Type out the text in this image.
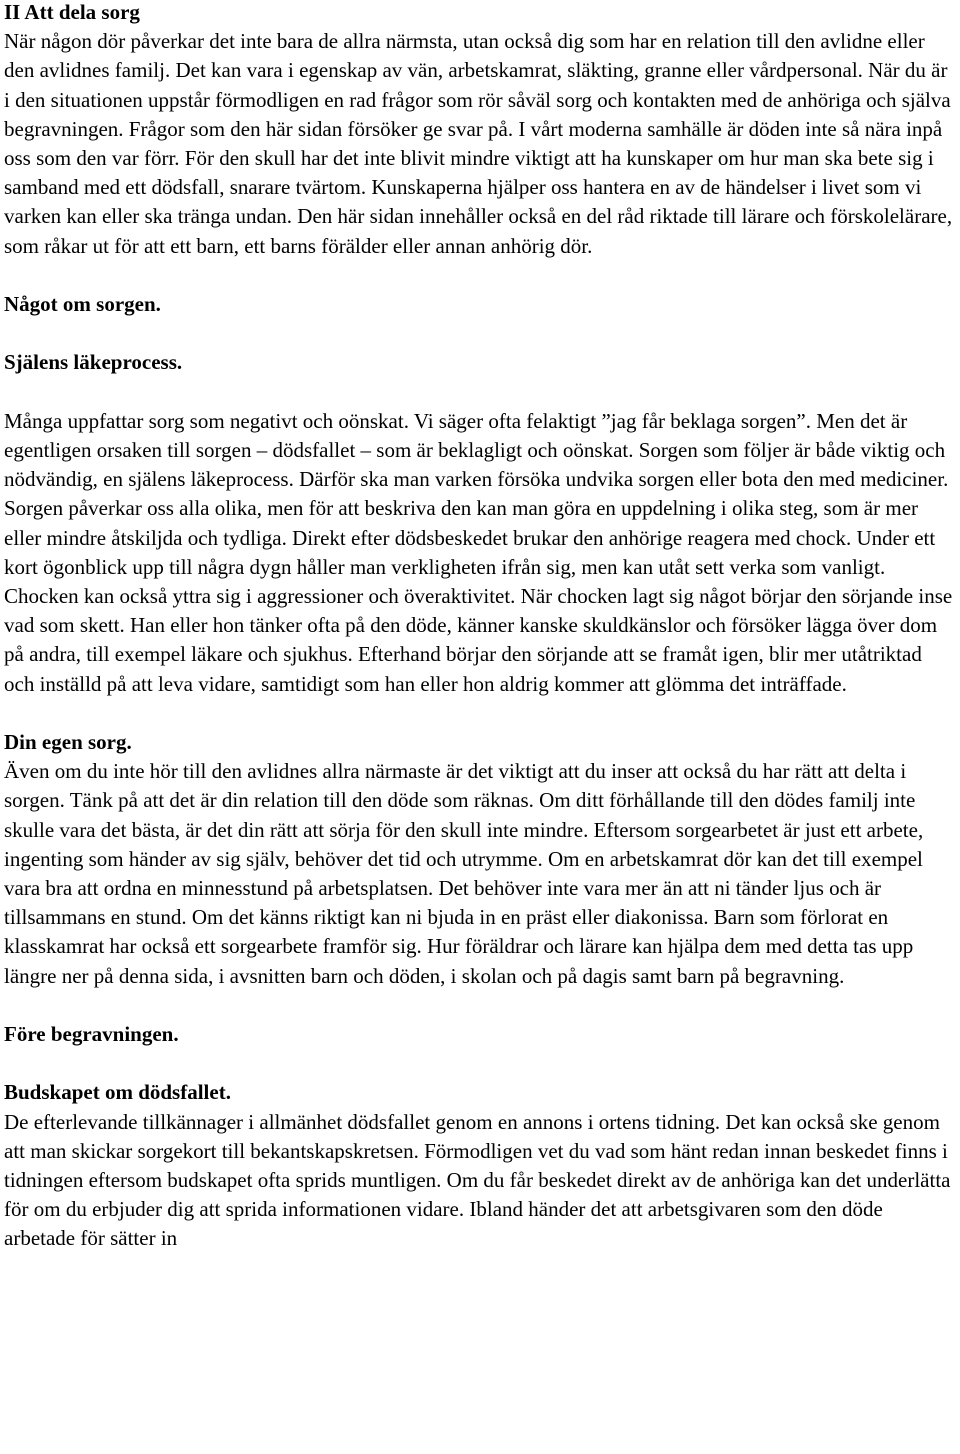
II Att dela sorg

När någon dör påverkar det inte bara de allra närmsta, utan också dig som har en relation till den avlidne eller den avlidnes familj. Det kan vara i egenskap av vän, arbetskamrat, släkting, granne eller vårdpersonal. När du är i den situationen uppstår förmodligen en rad frågor som rör såväl sorg och kontakten med de anhöriga och själva begravningen. Frågor som den här sidan försöker ge svar på. I vårt moderna samhälle är döden inte så nära inpå oss som den var förr. För den skull har det inte blivit mindre viktigt att ha kunskaper om hur man ska bete sig i samband med ett dödsfall, snarare tvärtom. Kunskaperna hjälper oss hantera en av de händelser i livet som vi varken kan eller ska tränga undan. Den här sidan innehåller också en del råd riktade till lärare och förskolelärare, som råkar ut för att ett barn, ett barns förälder eller annan anhörig dör.

Något om sorgen.

Själens läkeprocess.

Många uppfattar sorg som negativt och oönskat. Vi säger ofta felaktigt ”jag får beklaga sorgen”. Men det är egentligen orsaken till sorgen – dödsfallet – som är beklagligt och oönskat. Sorgen som följer är både viktig och nödvändig, en själens läkeprocess. Därför ska man varken försöka undvika sorgen eller bota den med mediciner. Sorgen påverkar oss alla olika, men för att beskriva den kan man göra en uppdelning i olika steg, som är mer eller mindre åtskiljda och tydliga. Direkt efter dödsbeskedet brukar den anhörige reagera med chock. Under ett kort ögonblick upp till några dygn håller man verkligheten ifrån sig, men kan utåt sett verka som vanligt. Chocken kan också yttra sig i aggressioner och överaktivitet. När chocken lagt sig något börjar den sörjande inse vad som skett. Han eller hon tänker ofta på den döde, känner kanske skuldkänslor och försöker lägga över dom på andra, till exempel läkare och sjukhus. Efterhand börjar den sörjande att se framåt igen, blir mer utåtriktad och inställd på att leva vidare, samtidigt som han eller hon aldrig kommer att glömma det inträffade.

Din egen sorg.

Även om du inte hör till den avlidnes allra närmaste är det viktigt att du inser att också du har rätt att delta i sorgen. Tänk på att det är din relation till den döde som räknas. Om ditt förhållande till den dödes familj inte skulle vara det bästa, är det din rätt att sörja för den skull inte mindre. Eftersom sorgearbetet är just ett arbete, ingenting som händer av sig själv, behöver det tid och utrymme. Om en arbetskamrat dör kan det till exempel vara bra att ordna en minnesstund på arbetsplatsen. Det behöver inte vara mer än att ni tänder ljus och är tillsammans en stund. Om det känns riktigt kan ni bjuda in en präst eller diakonissa. Barn som förlorat en klasskamrat har också ett sorgearbete framför sig. Hur föräldrar och lärare kan hjälpa dem med detta tas upp längre ner på denna sida, i avsnitten barn och döden, i skolan och på dagis samt barn på begravning.

Före begravningen.

Budskapet om dödsfallet.

De efterlevande tillkännager i allmänhet dödsfallet genom en annons i ortens tidning. Det kan också ske genom att man skickar sorgekort till bekantskapskretsen. Förmodligen vet du vad som hänt redan innan beskedet finns i tidningen eftersom budskapet ofta sprids muntligen. Om du får beskedet direkt av de anhöriga kan det underlätta för om du erbjuder dig att sprida informationen vidare. Ibland händer det att arbetsgivaren som den döde arbetade för sätter in
